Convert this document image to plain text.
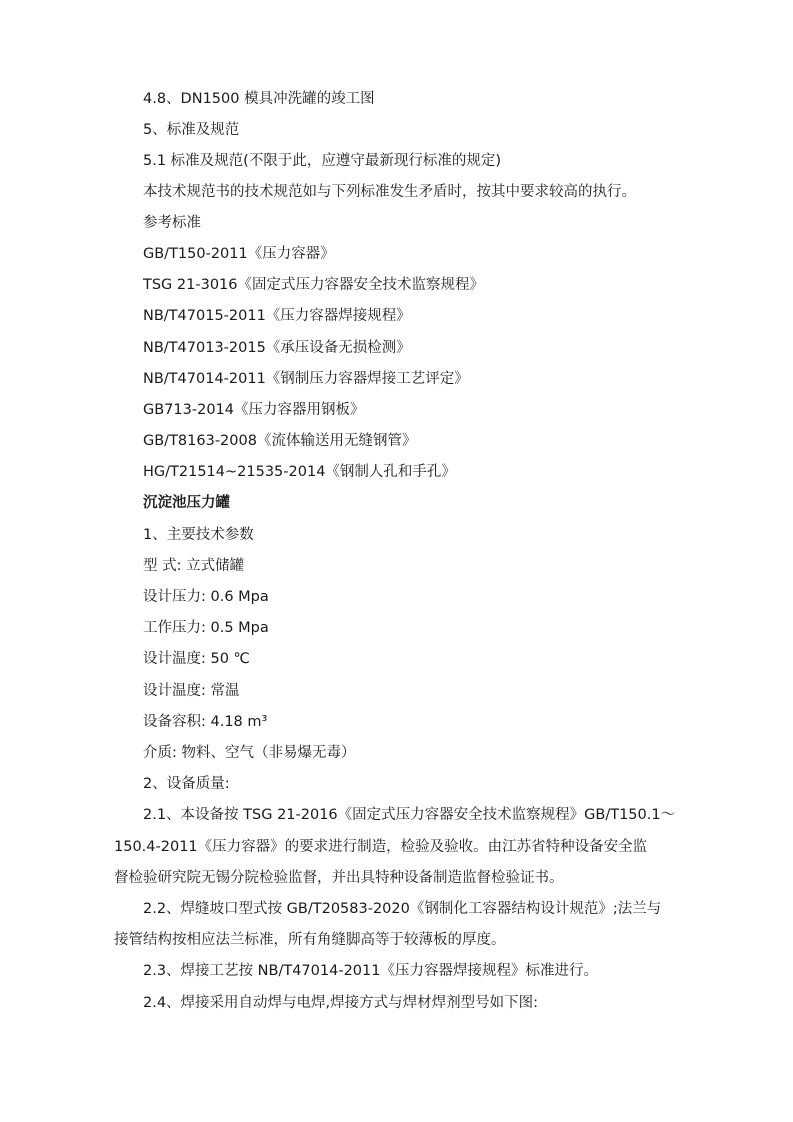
4.8、DN1500 模具冲洗罐的竣工图
5、标准及规范
5.1 标准及规范(不限于此，应遵守最新现行标准的规定)
本技术规范书的技术规范如与下列标准发生矛盾时，按其中要求较高的执行。
参考标准
GB/T150-2011《压力容器》
TSG 21-3016《固定式压力容器安全技术监察规程》
NB/T47015-2011《压力容器焊接规程》
NB/T47013-2015《承压设备无损检测》
NB/T47014-2011《钢制压力容器焊接工艺评定》
GB713-2014《压力容器用钢板》
GB/T8163-2008《流体输送用无缝钢管》
HG/T21514~21535-2014《钢制人孔和手孔》
沉淀池压力罐
1、主要技术参数
型 式: 立式储罐
设计压力: 0.6 Mpa
工作压力: 0.5 Mpa
设计温度: 50 ℃
设计温度: 常温
设备容积: 4.18 m³
介质: 物料、空气（非易爆无毒）
2、设备质量:
2.1、本设备按 TSG 21-2016《固定式压力容器安全技术监察规程》GB/T150.1～
150.4-2011《压力容器》的要求进行制造，检验及验收。由江苏省特种设备安全监
督检验研究院无锡分院检验监督，并出具特种设备制造监督检验证书。
2.2、焊缝坡口型式按 GB/T20583-2020《钢制化工容器结构设计规范》;法兰与
接管结构按相应法兰标准，所有角缝脚高等于较薄板的厚度。
2.3、焊接工艺按 NB/T47014-2011《压力容器焊接规程》标准进行。
2.4、焊接采用自动焊与电焊,焊接方式与焊材焊剂型号如下图:
